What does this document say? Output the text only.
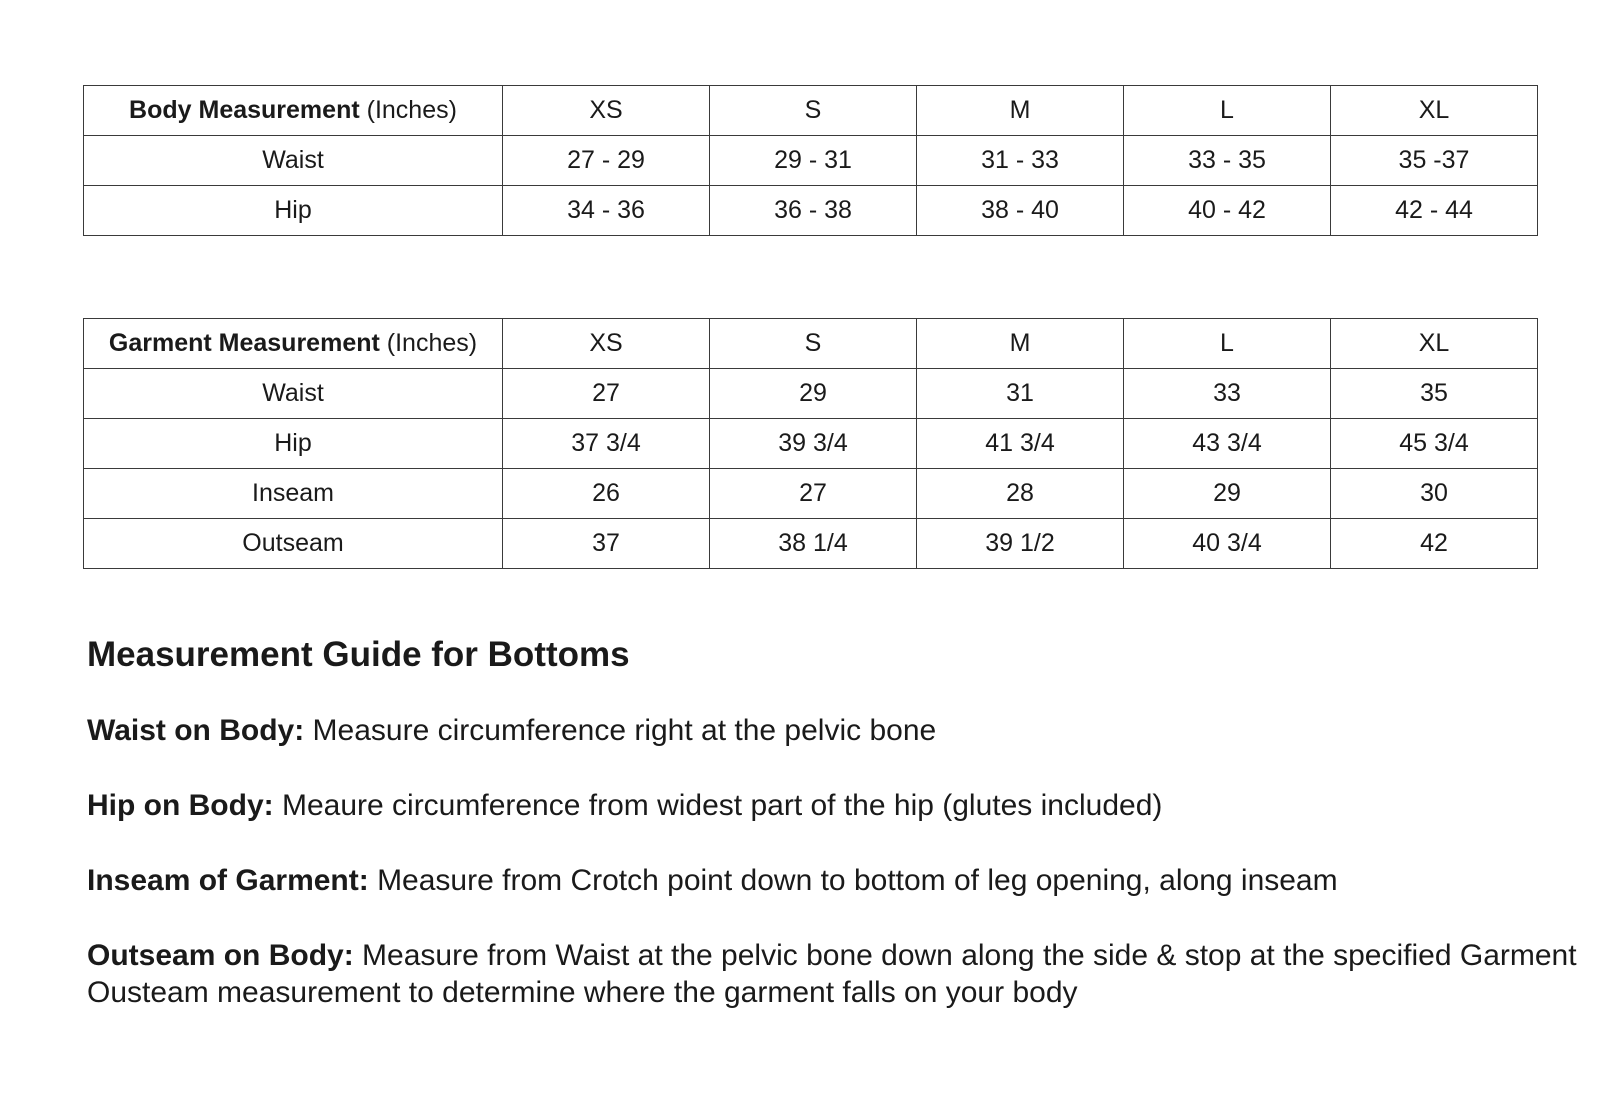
Body Measurement (Inches)	XS	S	M	L	XL
Waist	27 - 29	29 - 31	31 - 33	33 - 35	35 -37
Hip	34 - 36	36 - 38	38 - 40	40 - 42	42 - 44
Garment Measurement (Inches)	XS	S	M	L	XL
Waist	27	29	31	33	35
Hip	37 3/4	39 3/4	41 3/4	43 3/4	45 3/4
Inseam	26	27	28	29	30
Outseam	37	38 1/4	39 1/2	40 3/4	42
Measurement Guide for Bottoms
Waist on Body: Measure circumference right at the pelvic bone
Hip on Body: Meaure circumference from widest part of the hip (glutes included)
Inseam of Garment: Measure from Crotch point down to bottom of leg opening, along inseam
Outseam on Body: Measure from Waist at the pelvic bone down along the side & stop at the specified Garment Ousteam measurement to determine where the garment falls on your body
